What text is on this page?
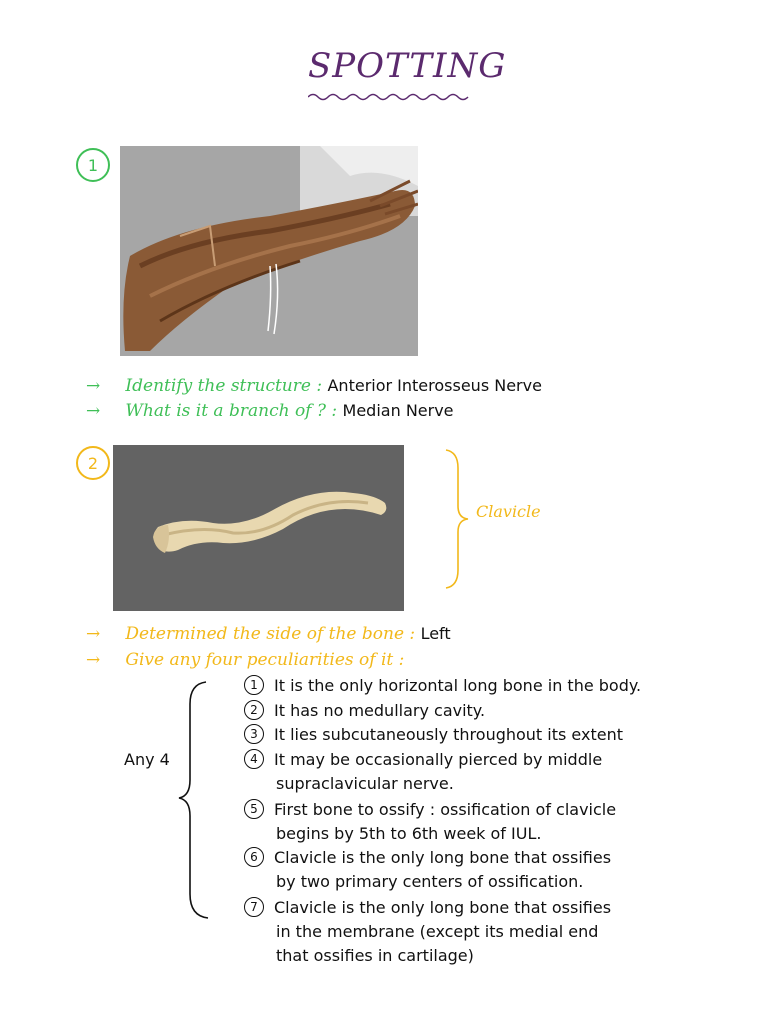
SPOTTING
1
→ Identify the structure : Anterior Interosseus Nerve
→ What is it a branch of ? : Median Nerve
2
Clavicle
→ Determined the side of the bone : Left
→ Give any four peculiarities of it :
Any 4
1 It is the only horizontal long bone in the body.
2 It has no medullary cavity.
3 It lies subcutaneously throughout its extent
4 It may be occasionally pierced by middle
supraclavicular nerve.
5 First bone to ossify : ossification of clavicle
begins by 5th to 6th week of IUL.
6 Clavicle is the only long bone that ossifies
by two primary centers of ossification.
7 Clavicle is the only long bone that ossifies
in the membrane (except its medial end
that ossifies in cartilage)
